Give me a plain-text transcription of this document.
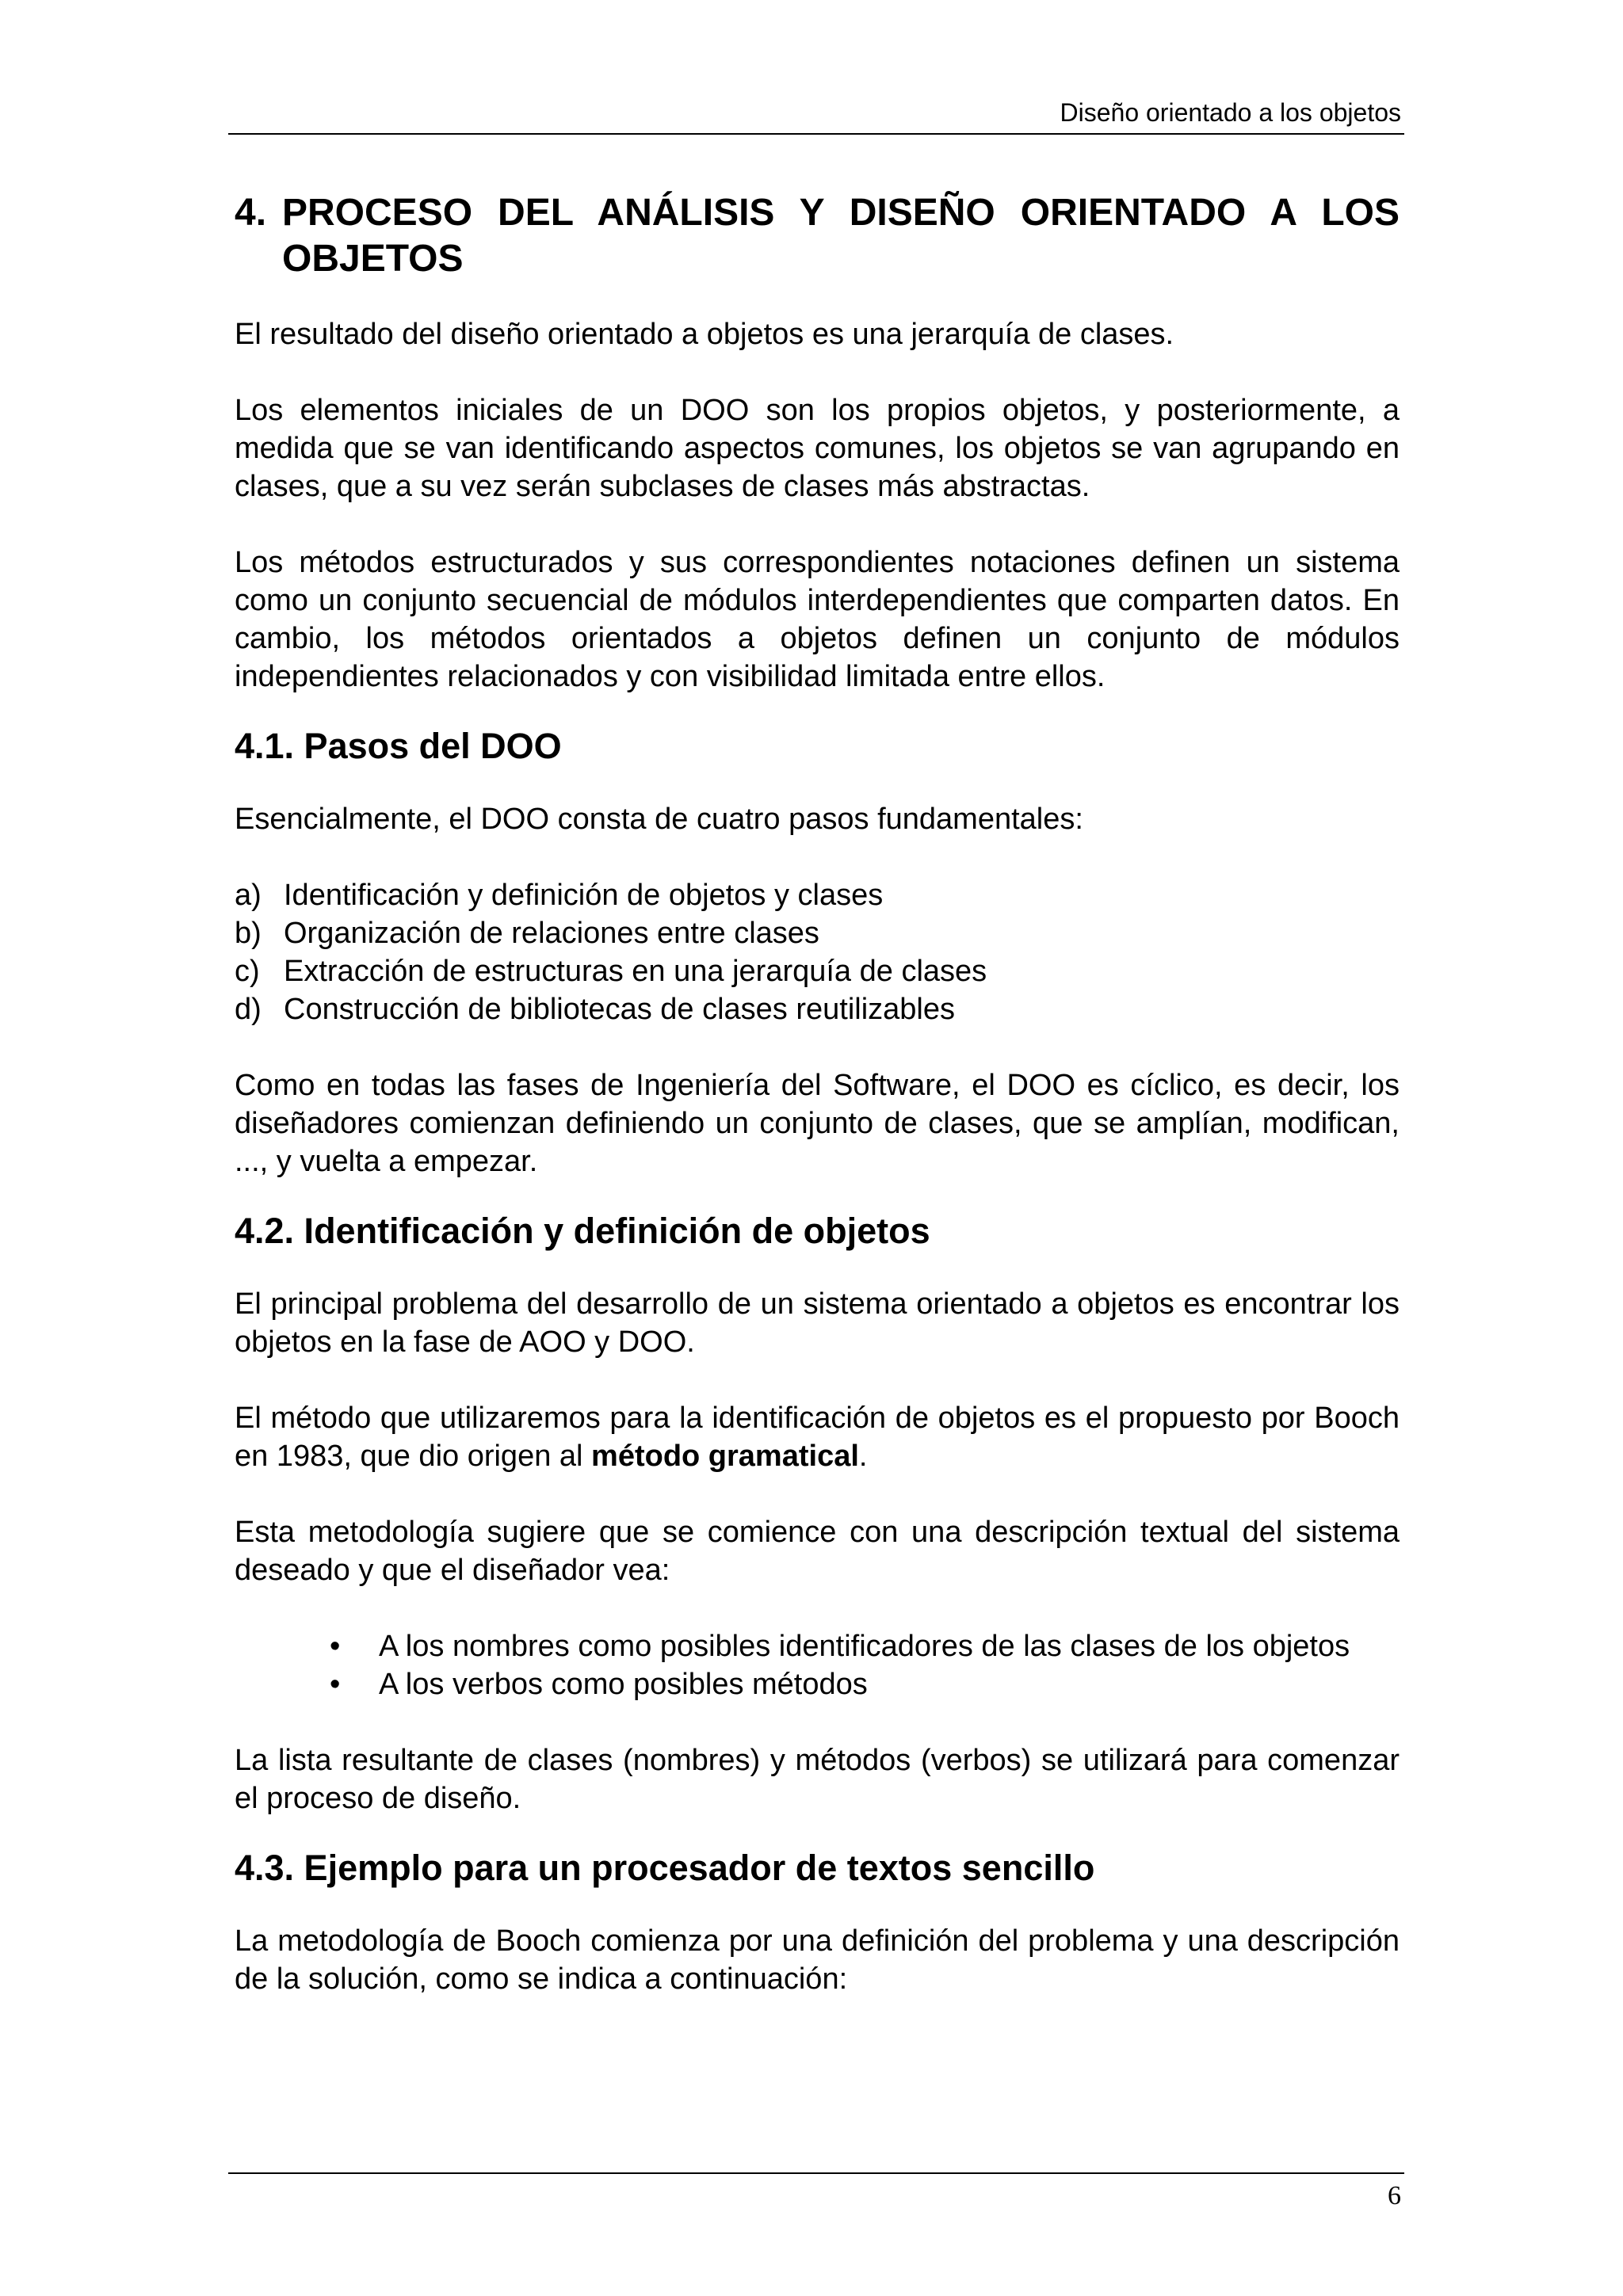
Diseño orientado a los objetos
4. PROCESO DEL ANÁLISIS Y DISEÑO ORIENTADO A LOS OBJETOS

El resultado del diseño orientado a objetos es una jerarquía de clases.

Los elementos iniciales de un DOO son los propios objetos, y posteriormente, a medida que se van identificando aspectos comunes, los objetos se van agrupando en clases, que a su vez serán subclases de clases más abstractas.

Los métodos estructurados y sus correspondientes notaciones definen un sistema como un conjunto secuencial de módulos interdependientes que comparten datos. En cambio, los métodos orientados a objetos definen un conjunto de módulos independientes relacionados y con visibilidad limitada entre ellos.

4.1. Pasos del DOO

Esencialmente, el DOO consta de cuatro pasos fundamentales:

a) Identificación y definición de objetos y clases
b) Organización de relaciones entre clases
c) Extracción de estructuras en una jerarquía de clases
d) Construcción de bibliotecas de clases reutilizables

Como en todas las fases de Ingeniería del Software, el DOO es cíclico, es decir, los diseñadores comienzan definiendo un conjunto de clases, que se amplían, modifican, ..., y vuelta a empezar.

4.2. Identificación y definición de objetos

El principal problema del desarrollo de un sistema orientado a objetos es encontrar los objetos en la fase de AOO y DOO.

El método que utilizaremos para la identificación de objetos es el propuesto por Booch en 1983, que dio origen al método gramatical.

Esta metodología sugiere que se comience con una descripción textual del sistema deseado y que el diseñador vea:

•	A los nombres como posibles identificadores de las clases de los objetos
•	A los verbos como posibles métodos

La lista resultante de clases (nombres) y métodos (verbos) se utilizará para comenzar el proceso de diseño.

4.3. Ejemplo para un procesador de textos sencillo

La metodología de Booch comienza por una definición del problema y una descripción de la solución, como se indica a continuación:

6
